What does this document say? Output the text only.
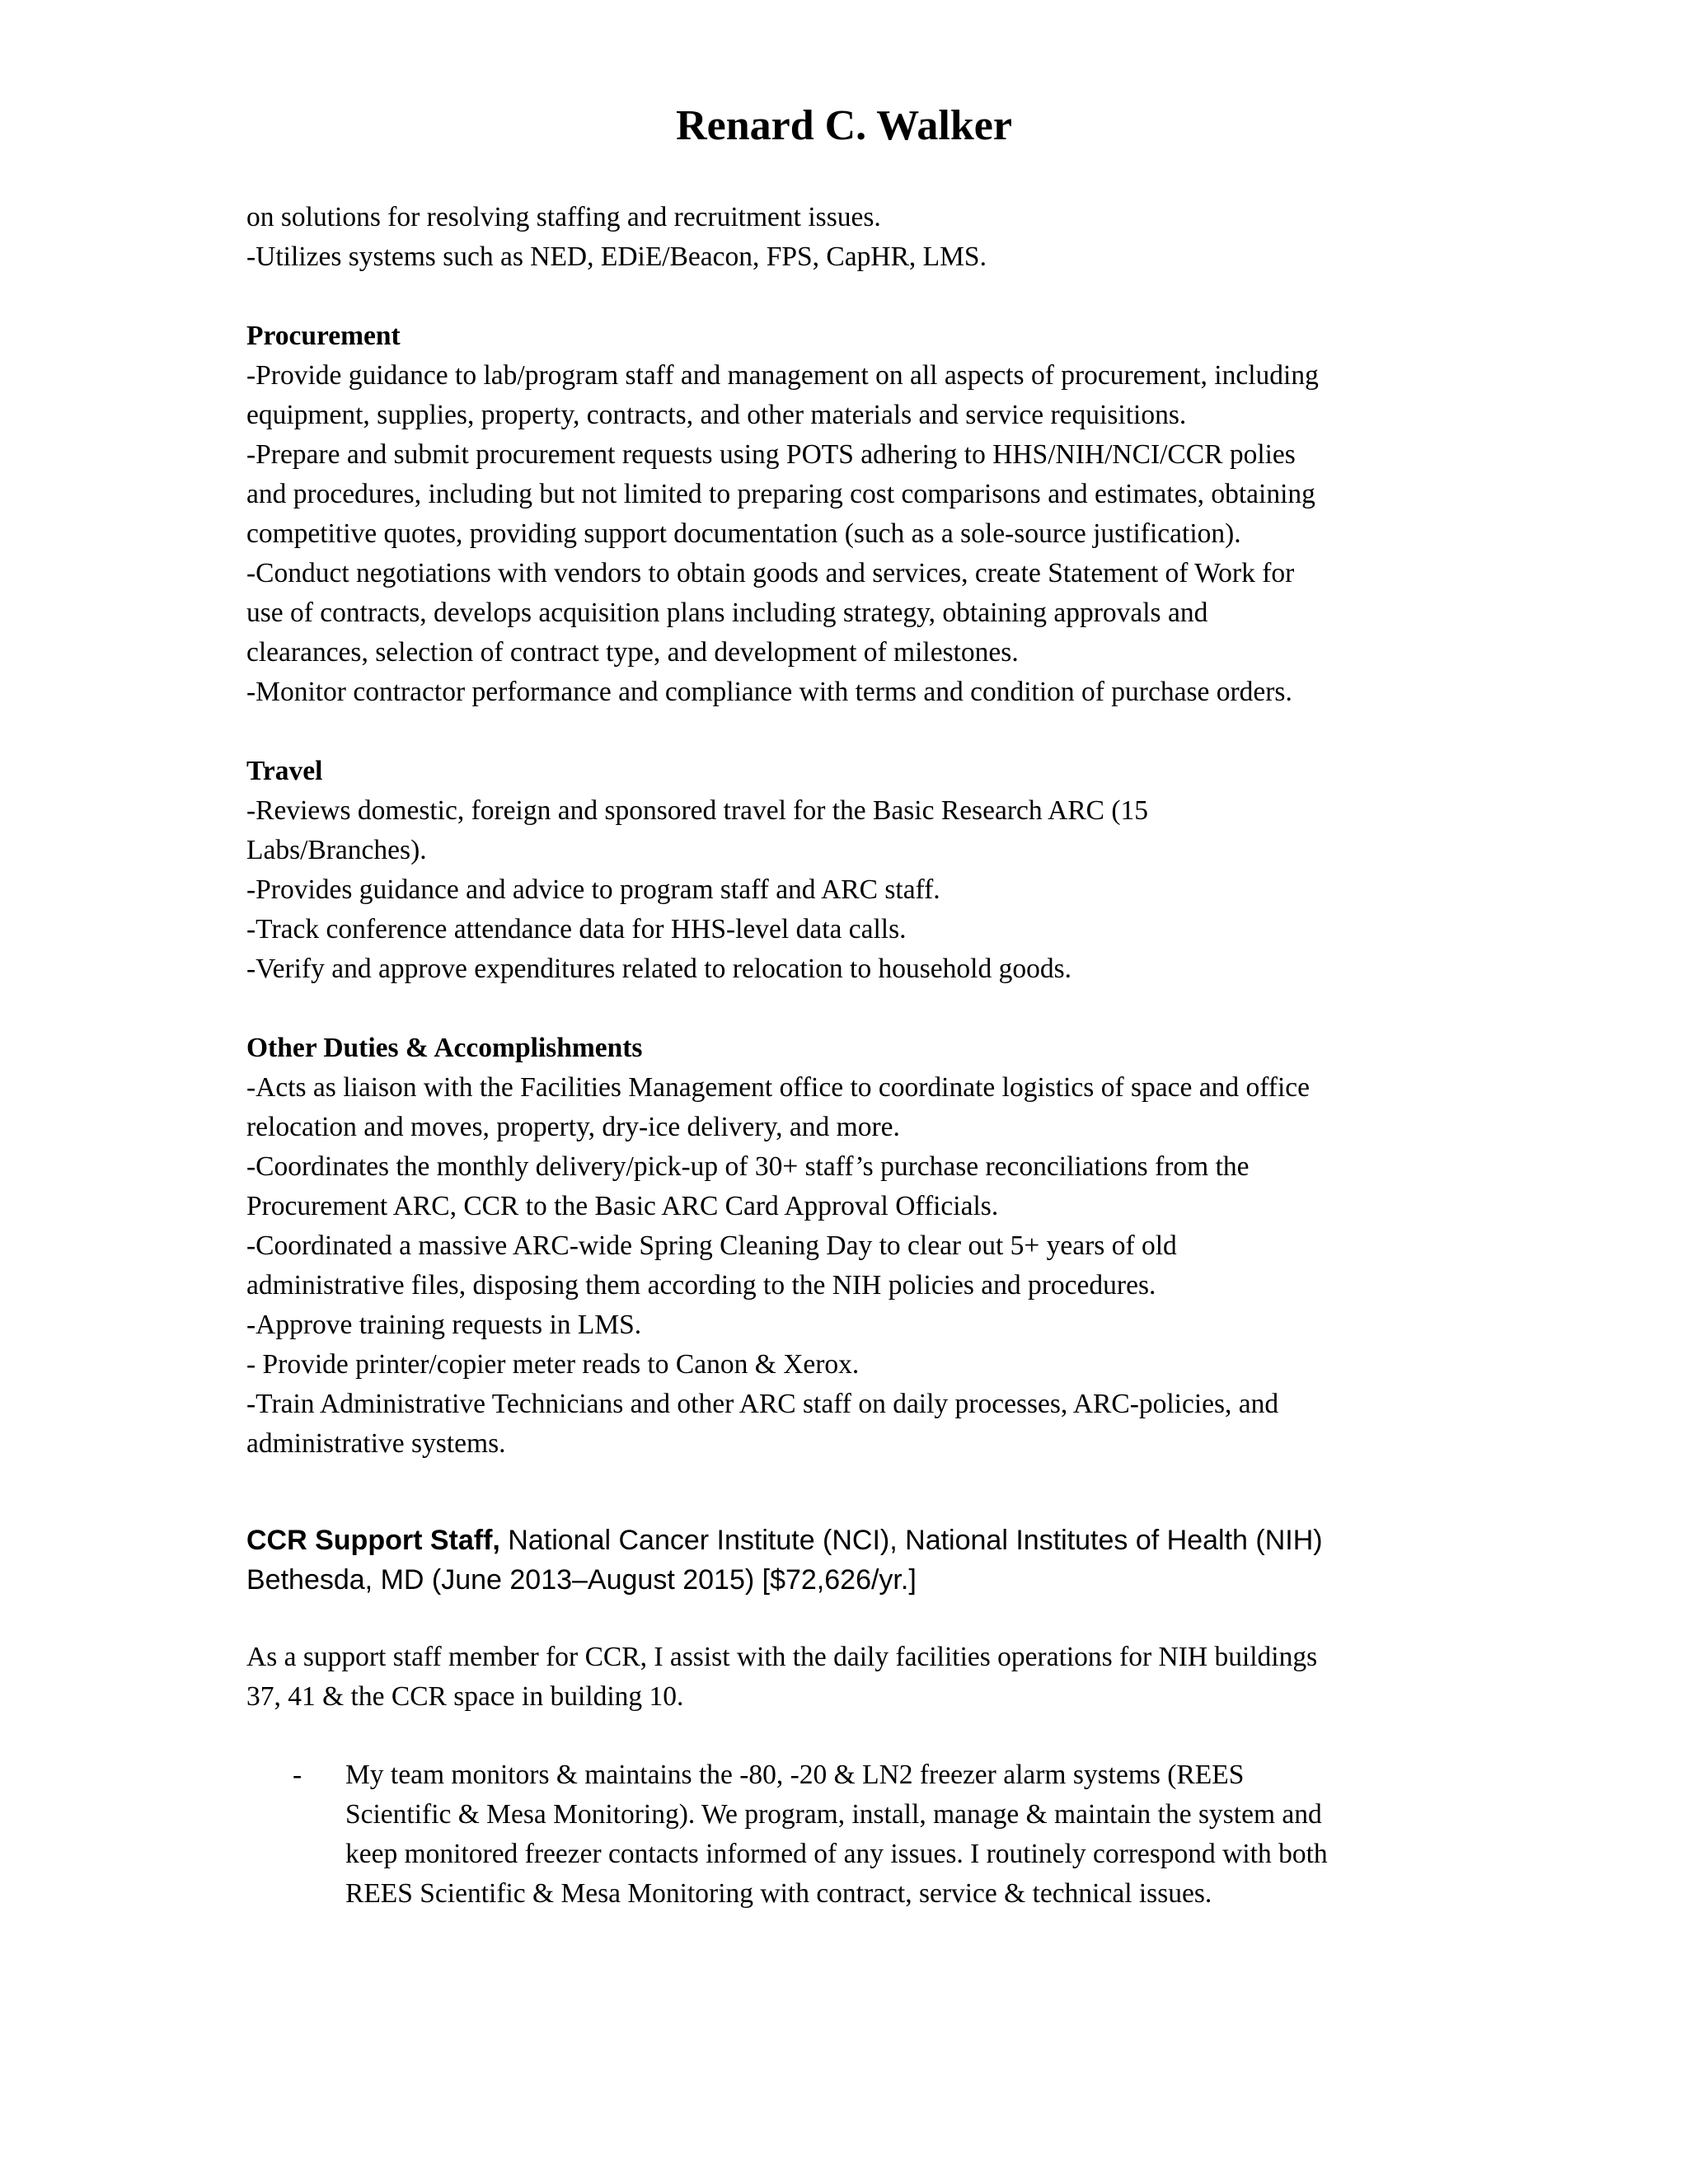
Renard C. Walker

on solutions for resolving staffing and recruitment issues.

-Utilizes systems such as NED, EDiE/Beacon, FPS, CapHR, LMS.

Procurement

-Provide guidance to lab/program staff and management on all aspects of procurement, including

equipment, supplies, property, contracts, and other materials and service requisitions.

-Prepare and submit procurement requests using POTS adhering to HHS/NIH/NCI/CCR polies

and procedures, including but not limited to preparing cost comparisons and estimates, obtaining

competitive quotes, providing support documentation (such as a sole-source justification).

-Conduct negotiations with vendors to obtain goods and services, create Statement of Work for

use of contracts, develops acquisition plans including strategy, obtaining approvals and

clearances, selection of contract type, and development of milestones.

-Monitor contractor performance and compliance with terms and condition of purchase orders.

Travel

-Reviews domestic, foreign and sponsored travel for the Basic Research ARC (15

Labs/Branches).

-Provides guidance and advice to program staff and ARC staff.

-Track conference attendance data for HHS-level data calls.

-Verify and approve expenditures related to relocation to household goods.

Other Duties & Accomplishments

-Acts as liaison with the Facilities Management office to coordinate logistics of space and office

relocation and moves, property, dry-ice delivery, and more.

-Coordinates the monthly delivery/pick-up of 30+ staff’s purchase reconciliations from the

Procurement ARC, CCR to the Basic ARC Card Approval Officials.

-Coordinated a massive ARC-wide Spring Cleaning Day to clear out 5+ years of old

administrative files, disposing them according to the NIH policies and procedures.

-Approve training requests in LMS.

- Provide printer/copier meter reads to Canon & Xerox.

-Train Administrative Technicians and other ARC staff on daily processes, ARC-policies, and

administrative systems.

CCR Support Staff, National Cancer Institute (NCI), National Institutes of Health (NIH)

Bethesda, MD (June 2013–August 2015) [$72,626/yr.]

As a support staff member for CCR, I assist with the daily facilities operations for NIH buildings

37, 41 & the CCR space in building 10.

- My team monitors & maintains the -80, -20 & LN2 freezer alarm systems (REES

Scientific & Mesa Monitoring). We program, install, manage & maintain the system and

keep monitored freezer contacts informed of any issues. I routinely correspond with both

REES Scientific & Mesa Monitoring with contract, service & technical issues.
